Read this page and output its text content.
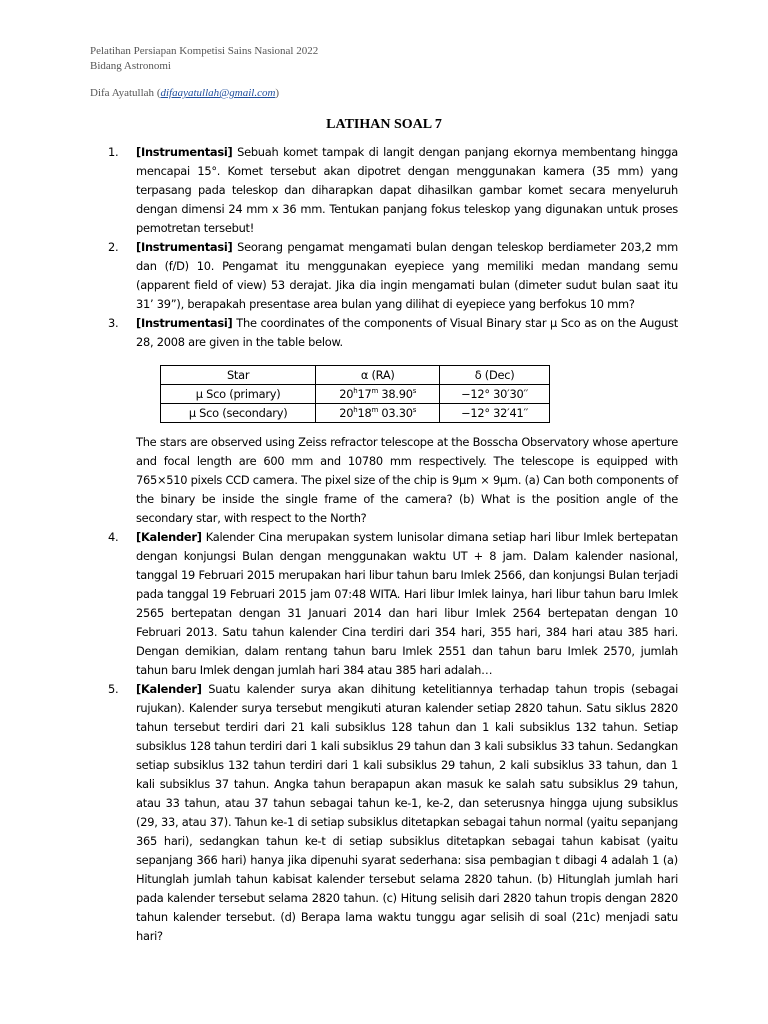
Pelatihan Persiapan Kompetisi Sains Nasional 2022
Bidang Astronomi
Difa Ayatullah (difaayatullah@gmail.com)
LATIHAN SOAL 7
1. [Instrumentasi] Sebuah komet tampak di langit dengan panjang ekornya membentang hingga mencapai 15°. Komet tersebut akan dipotret dengan menggunakan kamera (35 mm) yang terpasang pada teleskop dan diharapkan dapat dihasilkan gambar komet secara menyeluruh dengan dimensi 24 mm x 36 mm. Tentukan panjang fokus teleskop yang digunakan untuk proses pemotretan tersebut!
2. [Instrumentasi] Seorang pengamat mengamati bulan dengan teleskop berdiameter 203,2 mm dan (f/D) 10. Pengamat itu menggunakan eyepiece yang memiliki medan mandang semu (apparent field of view) 53 derajat. Jika dia ingin mengamati bulan (dimeter sudut bulan saat itu 31’ 39”), berapakah presentase area bulan yang dilihat di eyepiece yang berfokus 10 mm?
3. [Instrumentasi] The coordinates of the components of Visual Binary star μ Sco as on the August 28, 2008 are given in the table below.
Star	α (RA)	δ (Dec)
μ Sco (primary)	20$^h$17$^m$ $38.90^s$	−12° 30′30′′
μ Sco (secondary)	20$^h$18$^m$ $03.30^s$	−12° 32′41′′
The stars are observed using Zeiss refractor telescope at the Bosscha Observatory whose aperture and focal length are 600 mm and 10780 mm respectively. The telescope is equipped with 765×510 pixels CCD camera. The pixel size of the chip is 9μm × 9μm. (a) Can both components of the binary be inside the single frame of the camera? (b) What is the position angle of the secondary star, with respect to the North?
4. [Kalender] Kalender Cina merupakan system lunisolar dimana setiap hari libur Imlek bertepatan dengan konjungsi Bulan dengan menggunakan waktu UT + 8 jam. Dalam kalender nasional, tanggal 19 Februari 2015 merupakan hari libur tahun baru Imlek 2566, dan konjungsi Bulan terjadi pada tanggal 19 Februari 2015 jam 07:48 WITA. Hari libur Imlek lainya, hari libur tahun baru Imlek 2565 bertepatan dengan 31 Januari 2014 dan hari libur Imlek 2564 bertepatan dengan 10 Februari 2013. Satu tahun kalender Cina terdiri dari 354 hari, 355 hari, 384 hari atau 385 hari. Dengan demikian, dalam rentang tahun baru Imlek 2551 dan tahun baru Imlek 2570, jumlah tahun baru Imlek dengan jumlah hari 384 atau 385 hari adalah…
5. [Kalender] Suatu kalender surya akan dihitung ketelitiannya terhadap tahun tropis (sebagai rujukan). Kalender surya tersebut mengikuti aturan kalender setiap 2820 tahun. Satu siklus 2820 tahun tersebut terdiri dari 21 kali subsiklus 128 tahun dan 1 kali subsiklus 132 tahun. Setiap subsiklus 128 tahun terdiri dari 1 kali subsiklus 29 tahun dan 3 kali subsiklus 33 tahun. Sedangkan setiap subsiklus 132 tahun terdiri dari 1 kali subsiklus 29 tahun, 2 kali subsiklus 33 tahun, dan 1 kali subsiklus 37 tahun. Angka tahun berapapun akan masuk ke salah satu subsiklus 29 tahun, atau 33 tahun, atau 37 tahun sebagai tahun ke-1, ke-2, dan seterusnya hingga ujung subsiklus (29, 33, atau 37). Tahun ke-1 di setiap subsiklus ditetapkan sebagai tahun normal (yaitu sepanjang 365 hari), sedangkan tahun ke-t di setiap subsiklus ditetapkan sebagai tahun kabisat (yaitu sepanjang 366 hari) hanya jika dipenuhi syarat sederhana: sisa pembagian t dibagi 4 adalah 1 (a) Hitunglah jumlah tahun kabisat kalender tersebut selama 2820 tahun. (b) Hitunglah jumlah hari pada kalender tersebut selama 2820 tahun. (c) Hitung selisih dari 2820 tahun tropis dengan 2820 tahun kalender tersebut. (d) Berapa lama waktu tunggu agar selisih di soal (21c) menjadi satu hari?
